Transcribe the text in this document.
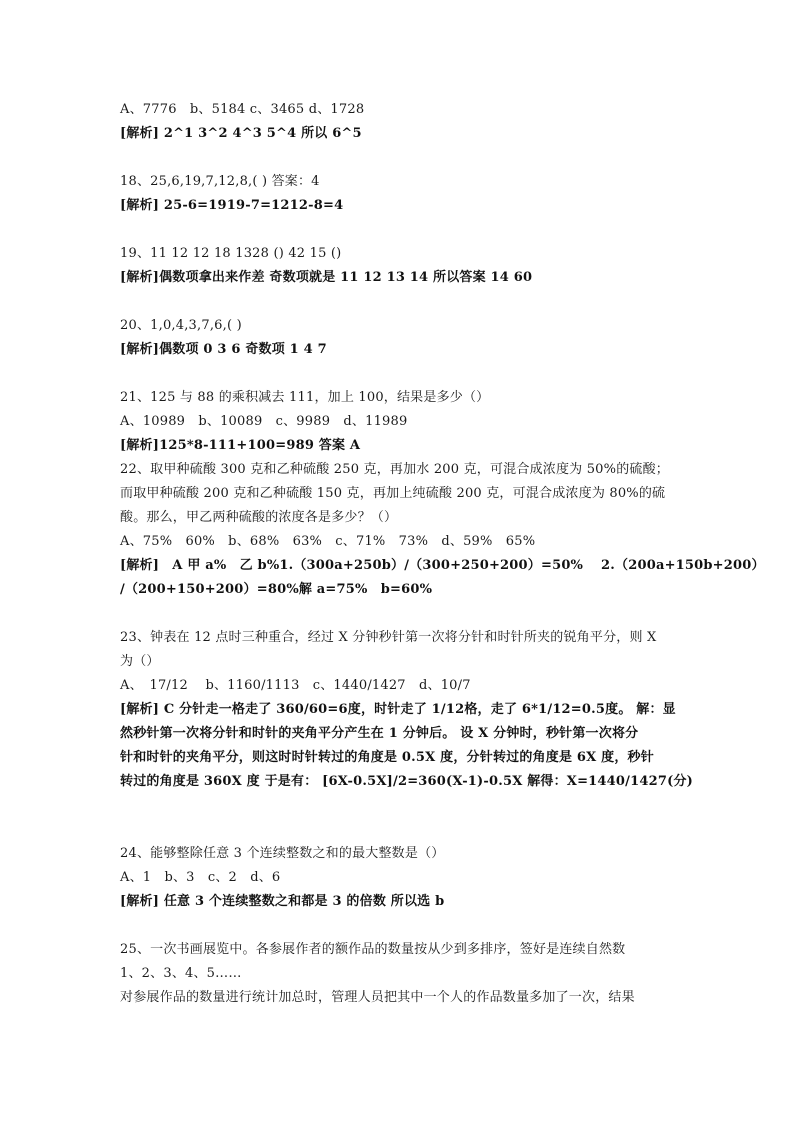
A、7776　b、5184 c、3465 d、1728
[解析] 2^1 3^2 4^3 5^4 所以 6^5
18、25,6,19,7,12,8,( ) 答案：4
[解析] 25-6=1919-7=1212-8=4
19、11 12 12 18 1328 () 42 15 ()
[解析]偶数项拿出来作差 奇数项就是 11 12 13 14 所以答案 14 60
20、1,0,4,3,7,6,( )
[解析]偶数项 0 3 6 奇数项 1 4 7
21、125 与 88 的乘积减去 111，加上 100，结果是多少（）
A、10989　b、10089　c、9989　d、11989
[解析]125*8-111+100=989 答案 A
22、取甲种硫酸 300 克和乙种硫酸 250 克，再加水 200 克，可混合成浓度为 50%的硫酸；
而取甲种硫酸 200 克和乙种硫酸 150 克，再加上纯硫酸 200 克，可混合成浓度为 80%的硫
酸。那么，甲乙两种硫酸的浓度各是多少？（）
A、75%　60%　b、68%　63%　c、71%　73%　d、59%　65%
[解析]　A 甲 a%　乙 b%1.（300a+250b）/（300+250+200）=50%　 2.（200a+150b+200）
/（200+150+200）=80%解 a=75%　b=60%
23、钟表在 12 点时三种重合，经过 X 分钟秒针第一次将分针和时针所夹的锐角平分，则 X
为（）
A、　17/12　 b、1160/1113　c、1440/1427　d、10/7
[解析] C 分针走一格走了 360/60=6度，时针走了 1/12格，走了 6*1/12=0.5度。 解：显
然秒针第一次将分针和时针的夹角平分产生在 1 分钟后。 设 X 分钟时，秒针第一次将分
针和时针的夹角平分，则这时时针转过的角度是 0.5X 度，分针转过的角度是 6X 度，秒针
转过的角度是 360X 度 于是有： [6X-0.5X]/2=360(X-1)-0.5X 解得：X=1440/1427(分)
24、能够整除任意 3 个连续整数之和的最大整数是（）
A、1　b、3　c、2　d、6
[解析] 任意 3 个连续整数之和都是 3 的倍数 所以选 b
25、一次书画展览中。各参展作者的额作品的数量按从少到多排序，签好是连续自然数
1、2、3、4、5……
对参展作品的数量进行统计加总时，管理人员把其中一个人的作品数量多加了一次，结果
